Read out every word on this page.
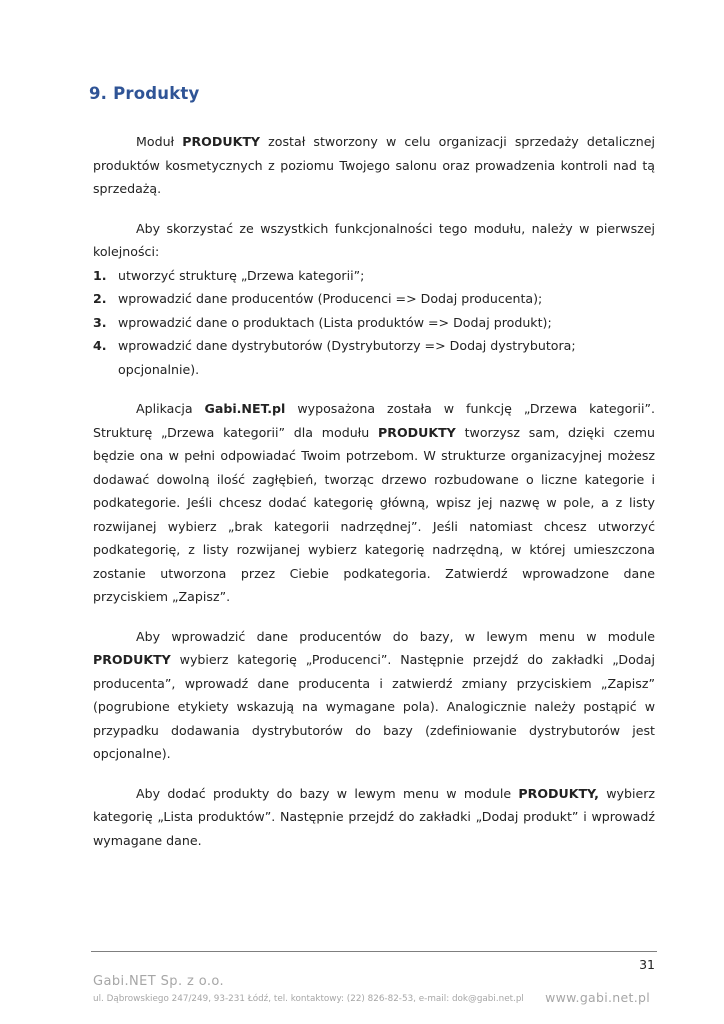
9. Produkty

Moduł PRODUKTY został stworzony w celu organizacji sprzedaży detalicznej produktów kosmetycznych z poziomu Twojego salonu oraz prowadzenia kontroli nad tą sprzedażą.

Aby skorzystać ze wszystkich funkcjonalności tego modułu, należy w pierwszej kolejności:

1. utworzyć strukturę „Drzewa kategorii”;
2. wprowadzić dane producentów (Producenci => Dodaj producenta);
3. wprowadzić dane o produktach (Lista produktów => Dodaj produkt);
4. wprowadzić dane dystrybutorów (Dystrybutorzy => Dodaj dystrybutora; opcjonalnie).

Aplikacja Gabi.NET.pl wyposażona została w funkcję „Drzewa kategorii”. Strukturę „Drzewa kategorii” dla modułu PRODUKTY tworzysz sam, dzięki czemu będzie ona w pełni odpowiadać Twoim potrzebom. W strukturze organizacyjnej możesz dodawać dowolną ilość zagłębień, tworząc drzewo rozbudowane o liczne kategorie i podkategorie. Jeśli chcesz dodać kategorię główną, wpisz jej nazwę w pole, a z listy rozwijanej wybierz „brak kategorii nadrzędnej”. Jeśli natomiast chcesz utworzyć podkategorię, z listy rozwijanej wybierz kategorię nadrzędną, w której umieszczona zostanie utworzona przez Ciebie podkategoria. Zatwierdź wprowadzone dane przyciskiem „Zapisz”.

Aby wprowadzić dane producentów do bazy, w lewym menu w module PRODUKTY wybierz kategorię „Producenci”. Następnie przejdź do zakładki „Dodaj producenta”, wprowadź dane producenta i zatwierdź zmiany przyciskiem „Zapisz” (pogrubione etykiety wskazują na wymagane pola). Analogicznie należy postąpić w przypadku dodawania dystrybutorów do bazy (zdefiniowanie dystrybutorów jest opcjonalne).

Aby dodać produkty do bazy w lewym menu w module PRODUKTY, wybierz kategorię „Lista produktów”. Następnie przejdź do zakładki „Dodaj produkt” i wprowadź wymagane dane.

31
Gabi.NET Sp. z o.o.
ul. Dąbrowskiego 247/249, 93-231 Łódź, tel. kontaktowy: (22) 826-82-53, e-mail: dok@gabi.net.pl www.gabi.net.pl
